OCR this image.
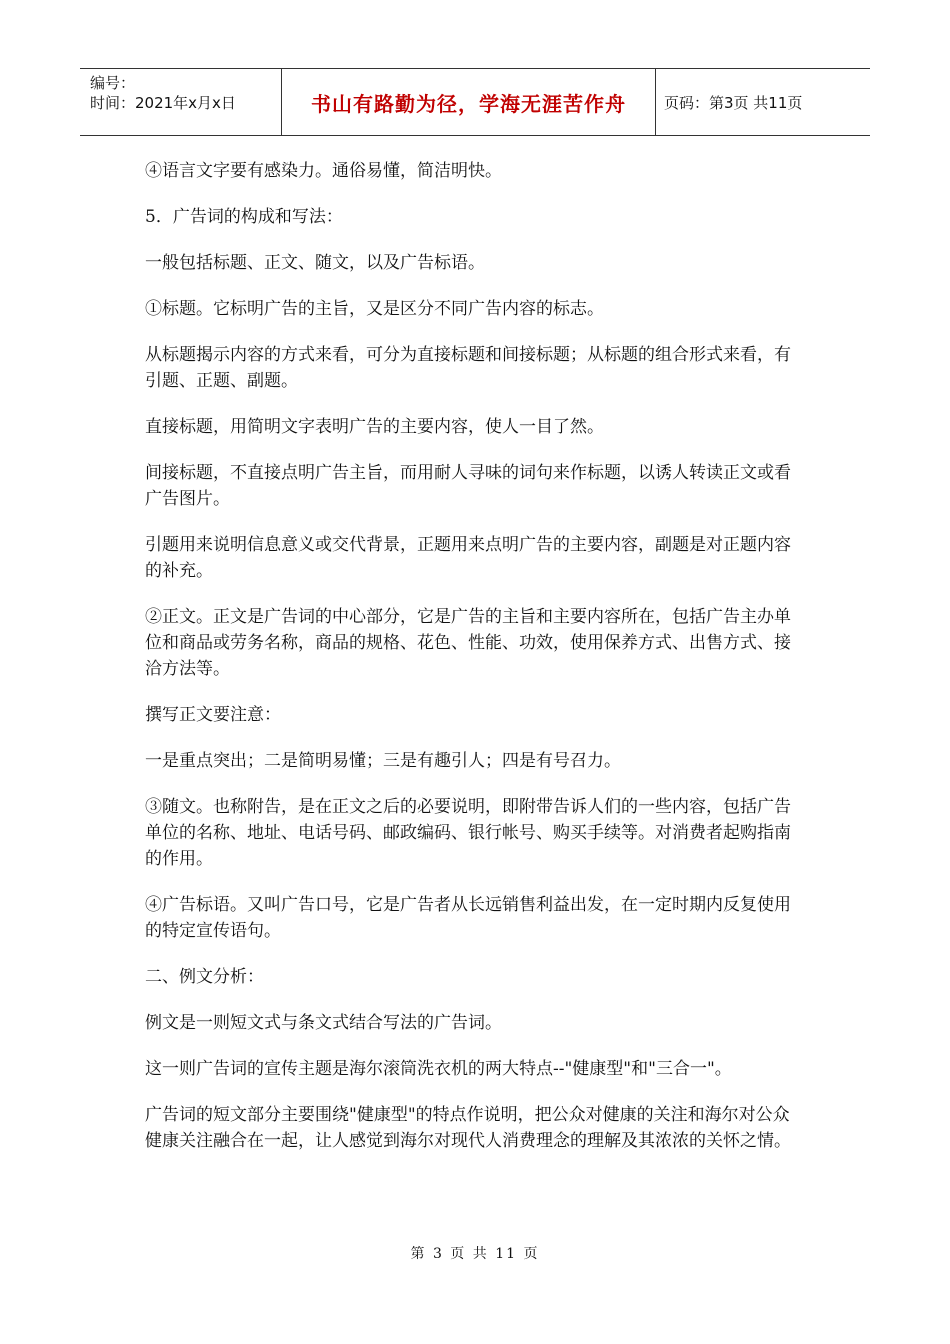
编号：
时间：2021年x月x日	书山有路勤为径，学海无涯苦作舟	页码：第3页 共11页

④语言文字要有感染力。通俗易懂，简洁明快。

5．广告词的构成和写法：

一般包括标题、正文、随文，以及广告标语。

①标题。它标明广告的主旨，又是区分不同广告内容的标志。

从标题揭示内容的方式来看，可分为直接标题和间接标题；从标题的组合形式来看，有引题、正题、副题。

直接标题，用简明文字表明广告的主要内容，使人一目了然。

间接标题，不直接点明广告主旨，而用耐人寻味的词句来作标题，以诱人转读正文或看广告图片。

引题用来说明信息意义或交代背景，正题用来点明广告的主要内容，副题是对正题内容的补充。

②正文。正文是广告词的中心部分，它是广告的主旨和主要内容所在，包括广告主办单位和商品或劳务名称，商品的规格、花色、性能、功效，使用保养方式、出售方式、接洽方法等。

撰写正文要注意：

一是重点突出；二是简明易懂；三是有趣引人；四是有号召力。

③随文。也称附告，是在正文之后的必要说明，即附带告诉人们的一些内容，包括广告单位的名称、地址、电话号码、邮政编码、银行帐号、购买手续等。对消费者起购指南的作用。

④广告标语。又叫广告口号，它是广告者从长远销售利益出发，在一定时期内反复使用的特定宣传语句。

二、例文分析：

例文是一则短文式与条文式结合写法的广告词。

这一则广告词的宣传主题是海尔滚筒洗衣机的两大特点--"健康型"和"三合一"。

广告词的短文部分主要围绕"健康型"的特点作说明，把公众对健康的关注和海尔对公众健康关注融合在一起，让人感觉到海尔对现代人消费理念的理解及其浓浓的关怀之情。

第 3 页 共 11 页
